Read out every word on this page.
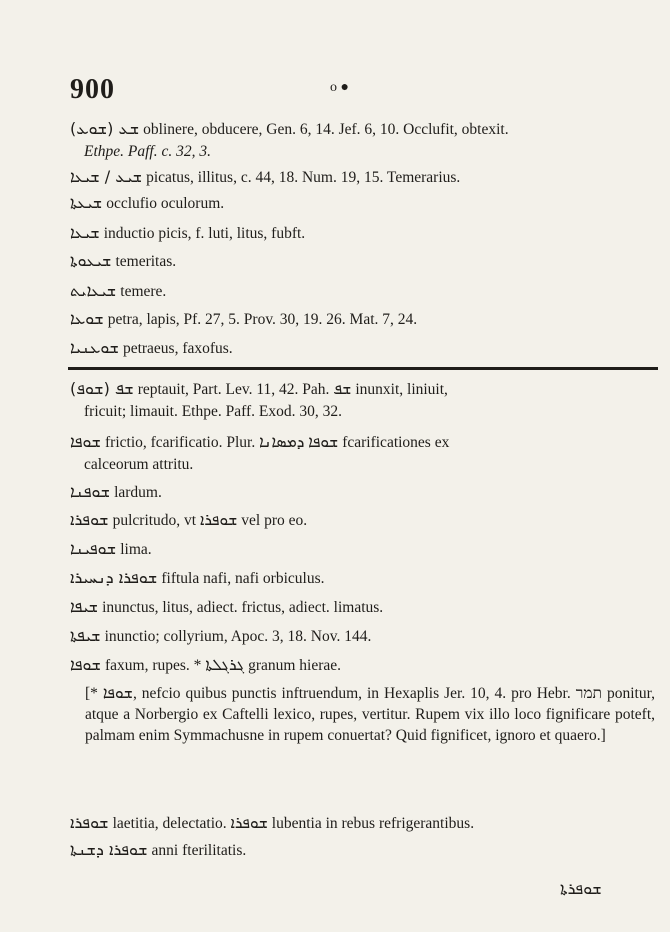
900	o ●
(ܫܘܥ) ܫܥ oblinere, obducere, Gen. 6, 14. Jef. 6, 10. Occlufit, obtexit.
Ethpe. Paff. c. 32, 3.
ܫܝܥ / ܫܝܥܐ picatus, illitus, c. 44, 18. Num. 19, 15. Temerarius.
ܫܝܥܬܐ occlufio oculorum.
ܫܝܥܐ inductio picis, f. luti, litus, fubft.
ܫܝܥܘܬܐ temeritas.
ܫܝܥܐܝܬ temere.
ܫܘܥܐ petra, lapis, Pf. 27, 5. Prov. 30, 19. 26. Mat. 7, 24.
ܫܘܥܢܝܐ petraeus, faxofus.
(ܫܘܦ) ܫܦ reptauit, Part. Lev. 11, 42. Pah. ܫܦ inunxit, liniuit,
fricuit; limauit. Ethpe. Paff. Exod. 30, 32.
ܫܘܦܐ frictio, fcarificatio. Plur. ܫܘܦܐ ܕܡܣܐܢܐ fcarificationes ex
calceorum attritu.
ܫܘܦܢܐ lardum.
ܫܘܦܪܐ pulcritudo, vt ܫܘܦܪܐ vel pro eo.
ܫܘܦܝܢܐ lima.
ܫܘܦܪܐ ܕܢܚܝܪܐ fiftula nafi, nafi orbiculus.
ܫܝܦܐ inunctus, litus, adiect. frictus, adiect. limatus.
ܫܝܦܬܐ inunctio; collyrium, Apoc. 3, 18. Nov. 144.
ܫܘܦܐ faxum, rupes. * ܓܪܓܠܬܐ granum hierae.
[* ܫܘܦܐ, nefcio quibus punctis inftruendum, in Hexaplis Jer. 10, 4. pro Hebr. תמר ponitur, atque a Norbergio ex Caftelli lexico, rupes, vertitur. Rupem vix illo loco fignificare poteft, palmam enim Symmachusne in rupem conuertat? Quid fignificet, ignoro et quaero.]
ܫܘܦܪܐ laetitia, delectatio. ܫܘܦܪܐ lubentia in rebus refrigerantibus.
ܫܘܦܪܐ ܕܫܢܬܐ anni fterilitatis.
ܫܘܦܪܬܐ
